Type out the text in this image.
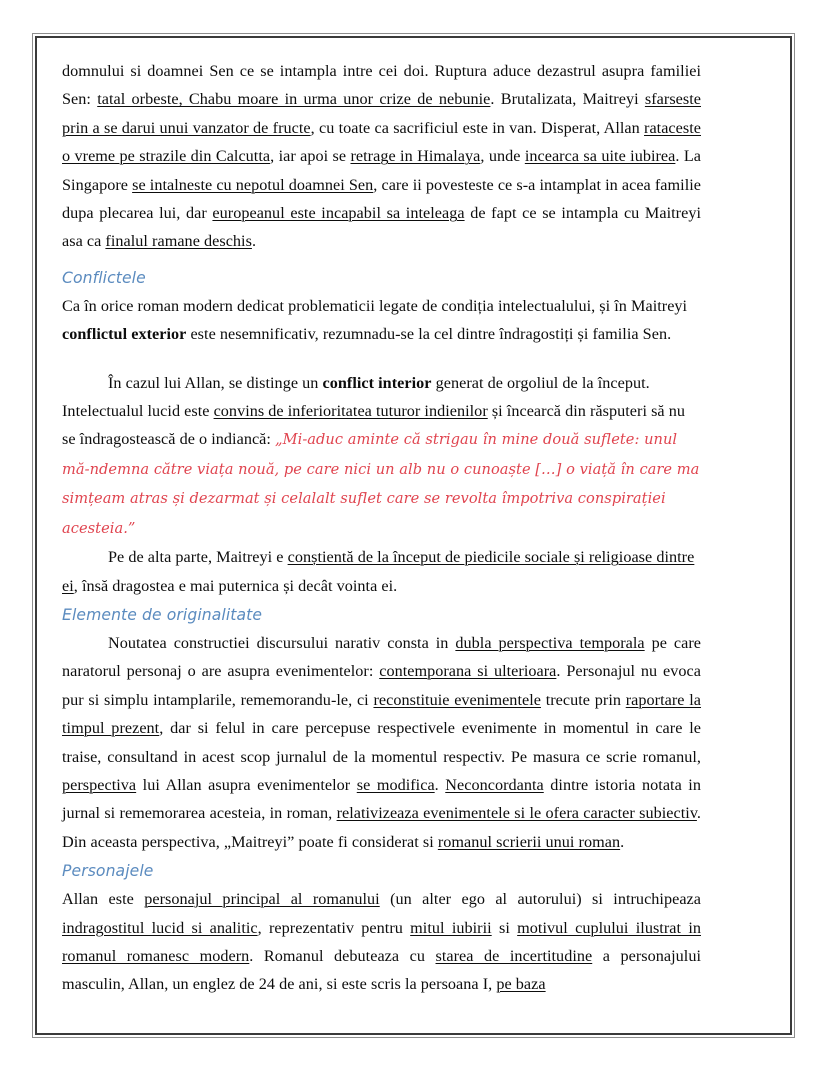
domnului si doamnei Sen ce se intampla intre cei doi. Ruptura aduce dezastrul asupra familiei Sen: tatal orbeste, Chabu moare in urma unor crize de nebunie. Brutalizata, Maitreyi sfarseste prin a se darui unui vanzator de fructe, cu toate ca sacrificiul este in van. Disperat, Allan rataceste o vreme pe strazile din Calcutta, iar apoi se retrage in Himalaya, unde incearca sa uite iubirea. La Singapore se intalneste cu nepotul doamnei Sen, care ii povesteste ce s-a intamplat in acea familie dupa plecarea lui, dar europeanul este incapabil sa inteleaga de fapt ce se intampla cu Maitreyi asa ca finalul ramane deschis.

Conflictele

Ca în orice roman modern dedicat problematicii legate de condiția intelectualului, și în Maitreyi conflictul exterior este nesemnificativ, rezumnadu-se la cel dintre îndragostiți și familia Sen.

În cazul lui Allan, se distinge un conflict interior generat de orgoliul de la început. Intelectualul lucid este convins de inferioritatea tuturor indienilor și încearcă din răsputeri să nu se îndragostească de o indiancă: „Mi-aduc aminte că strigau în mine două suflete: unul mă-ndemna către viața nouă, pe care nici un alb nu o cunoaște […] o viață în care ma simțeam atras și dezarmat și celalalt suflet care se revolta împotriva conspirației acesteia.”

Pe de alta parte, Maitreyi e conștientă de la început de piedicile sociale și religioase dintre ei, însă dragostea e mai puternica și decât vointa ei.

Elemente de originalitate

Noutatea constructiei discursului narativ consta in dubla perspectiva temporala pe care naratorul personaj o are asupra evenimentelor: contemporana si ulterioara. Personajul nu evoca pur si simplu intamplarile, rememorandu-le, ci reconstituie evenimentele trecute prin raportare la timpul prezent, dar si felul in care percepuse respectivele evenimente in momentul in care le traise, consultand in acest scop jurnalul de la momentul respectiv. Pe masura ce scrie romanul, perspectiva lui Allan asupra evenimentelor se modifica. Neconcordanta dintre istoria notata in jurnal si rememorarea acesteia, in roman, relativizeaza evenimentele si le ofera caracter subiectiv. Din aceasta perspectiva, „Maitreyi” poate fi considerat si romanul scrierii unui roman.

Personajele

Allan este personajul principal al romanului (un alter ego al autorului) si intruchipeaza indragostitul lucid si analitic, reprezentativ pentru mitul iubirii si motivul cuplului ilustrat in romanul romanesc modern. Romanul debuteaza cu starea de incertitudine a personajului masculin, Allan, un englez de 24 de ani, si este scris la persoana I, pe baza
